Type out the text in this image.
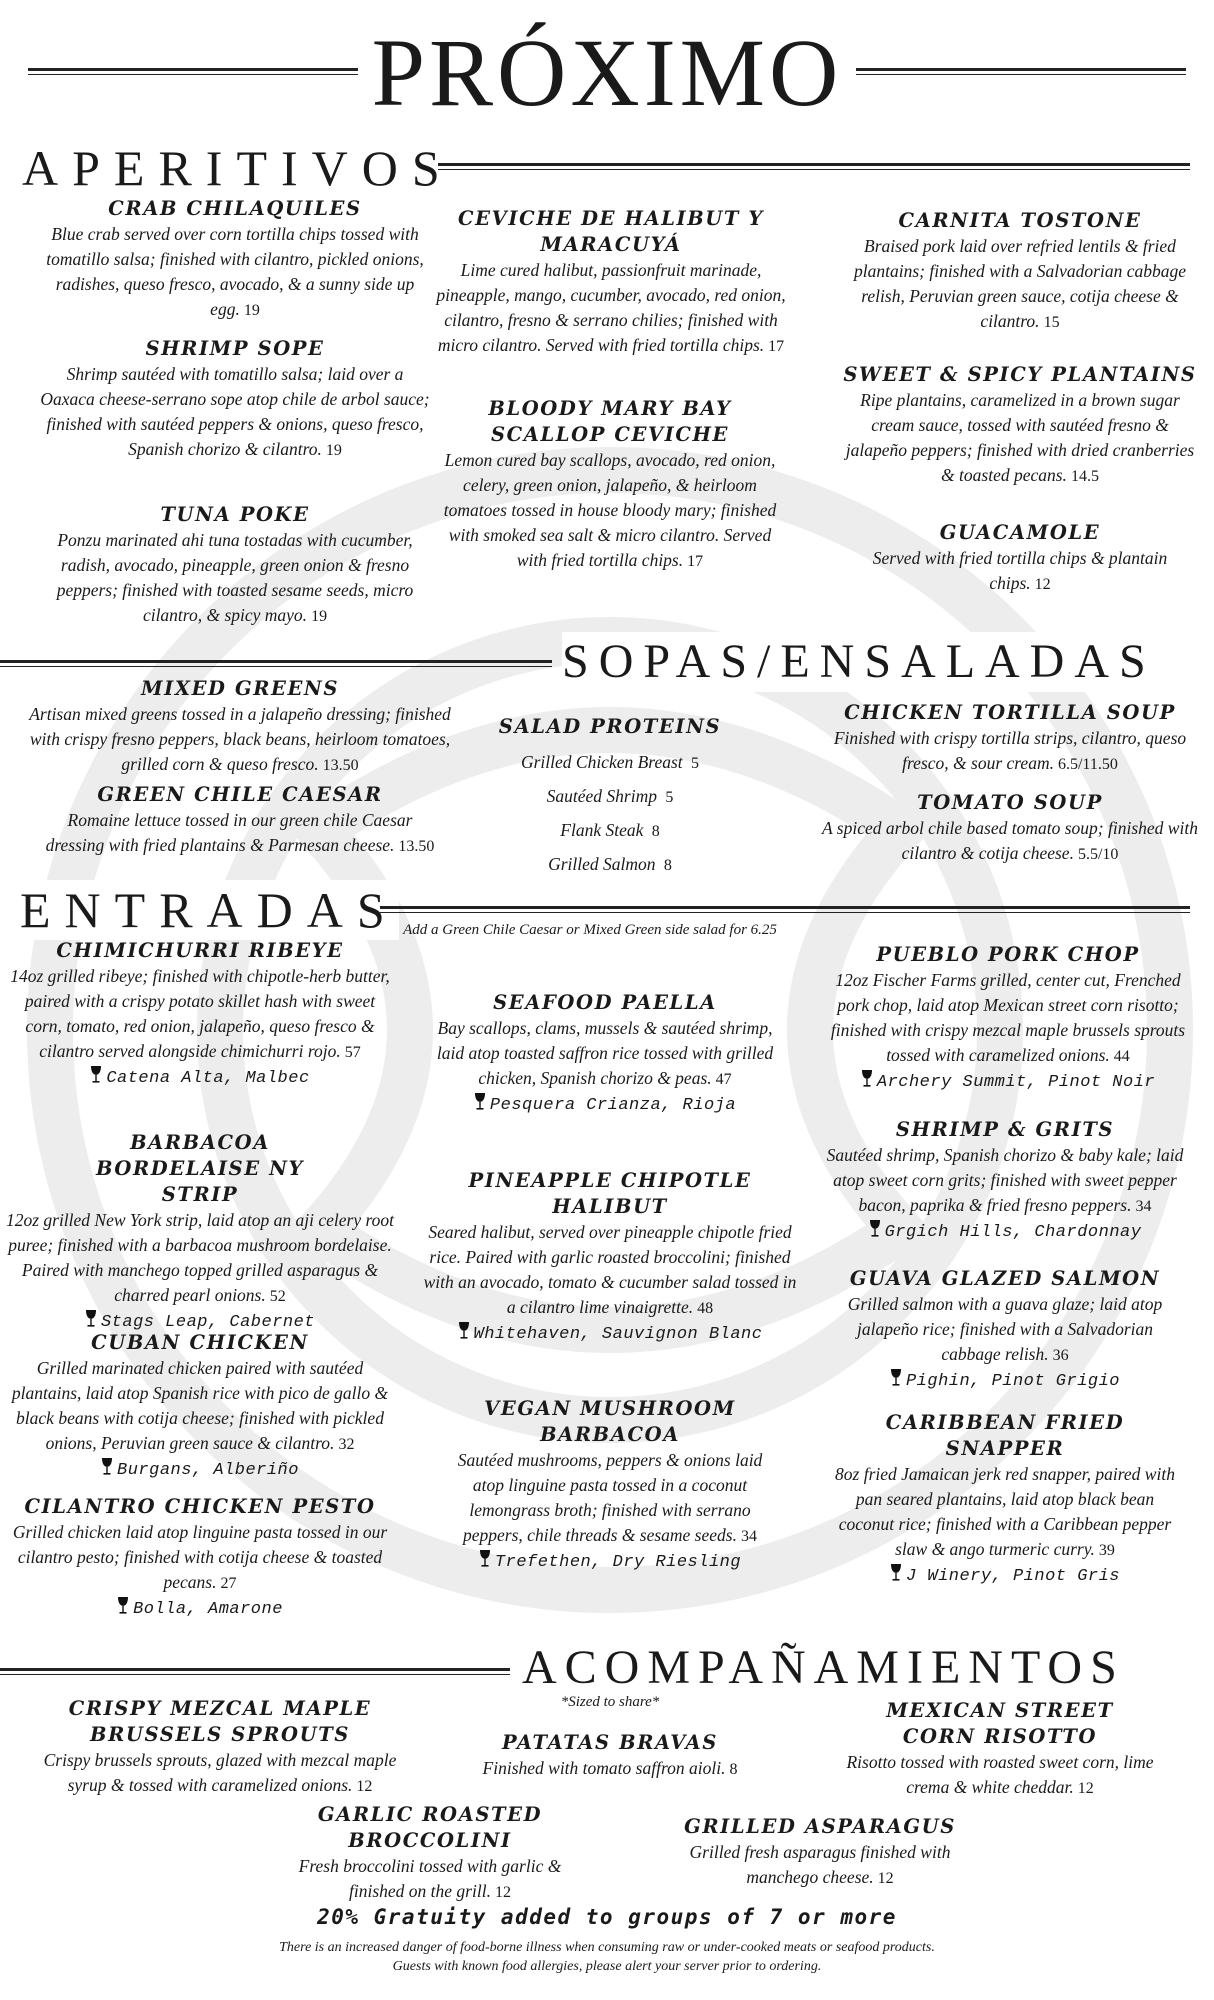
PRÓXIMO
APERITIVOS
CRAB CHILAQUILES
Blue crab served over corn tortilla chips tossed with tomatillo salsa; finished with cilantro, pickled onions, radishes, queso fresco, avocado, & a sunny side up egg. 19
SHRIMP SOPE
Shrimp sautéed with tomatillo salsa; laid over a Oaxaca cheese-serrano sope atop chile de arbol sauce; finished with sautéed peppers & onions, queso fresco, Spanish chorizo & cilantro. 19
TUNA POKE
Ponzu marinated ahi tuna tostadas with cucumber, radish, avocado, pineapple, green onion & fresno peppers; finished with toasted sesame seeds, micro cilantro, & spicy mayo. 19
CEVICHE DE HALIBUT Y MARACUYÁ
Lime cured halibut, passionfruit marinade, pineapple, mango, cucumber, avocado, red onion, cilantro, fresno & serrano chilies; finished with micro cilantro. Served with fried tortilla chips. 17
BLOODY MARY BAY SCALLOP CEVICHE
Lemon cured bay scallops, avocado, red onion, celery, green onion, jalapeño, & heirloom tomatoes tossed in house bloody mary; finished with smoked sea salt & micro cilantro. Served with fried tortilla chips. 17
CARNITA TOSTONE
Braised pork laid over refried lentils & fried plantains; finished with a Salvadorian cabbage relish, Peruvian green sauce, cotija cheese & cilantro. 15
SWEET & SPICY PLANTAINS
Ripe plantains, caramelized in a brown sugar cream sauce, tossed with sautéed fresno & jalapeño peppers; finished with dried cranberries & toasted pecans. 14.5
GUACAMOLE
Served with fried tortilla chips & plantain chips. 12
SOPAS/ENSALADAS
MIXED GREENS
Artisan mixed greens tossed in a jalapeño dressing; finished with crispy fresno peppers, black beans, heirloom tomatoes, grilled corn & queso fresco. 13.50
GREEN CHILE CAESAR
Romaine lettuce tossed in our green chile Caesar dressing with fried plantains & Parmesan cheese. 13.50
SALAD PROTEINS
Grilled Chicken Breast 5
Sautéed Shrimp 5
Flank Steak 8
Grilled Salmon 8
CHICKEN TORTILLA SOUP
Finished with crispy tortilla strips, cilantro, queso fresco, & sour cream. 6.5/11.50
TOMATO SOUP
A spiced arbol chile based tomato soup; finished with cilantro & cotija cheese. 5.5/10
ENTRADAS Add a Green Chile Caesar or Mixed Green side salad for 6.25
CHIMICHURRI RIBEYE
14oz grilled ribeye; finished with chipotle-herb butter, paired with a crispy potato skillet hash with sweet corn, tomato, red onion, jalapeño, queso fresco & cilantro served alongside chimichurri rojo. 57
Catena Alta, Malbec
BARBACOA BORDELAISE NY STRIP
12oz grilled New York strip, laid atop an aji celery root puree; finished with a barbacoa mushroom bordelaise. Paired with manchego topped grilled asparagus & charred pearl onions. 52
Stags Leap, Cabernet
CUBAN CHICKEN
Grilled marinated chicken paired with sautéed plantains, laid atop Spanish rice with pico de gallo & black beans with cotija cheese; finished with pickled onions, Peruvian green sauce & cilantro. 32
Burgans, Alberiño
CILANTRO CHICKEN PESTO
Grilled chicken laid atop linguine pasta tossed in our cilantro pesto; finished with cotija cheese & toasted pecans. 27
Bolla, Amarone
SEAFOOD PAELLA
Bay scallops, clams, mussels & sautéed shrimp, laid atop toasted saffron rice tossed with grilled chicken, Spanish chorizo & peas. 47
Pesquera Crianza, Rioja
PINEAPPLE CHIPOTLE HALIBUT
Seared halibut, served over pineapple chipotle fried rice. Paired with garlic roasted broccolini; finished with an avocado, tomato & cucumber salad tossed in a cilantro lime vinaigrette. 48
Whitehaven, Sauvignon Blanc
VEGAN MUSHROOM BARBACOA
Sautéed mushrooms, peppers & onions laid atop linguine pasta tossed in a coconut lemongrass broth; finished with serrano peppers, chile threads & sesame seeds. 34
Trefethen, Dry Riesling
PUEBLO PORK CHOP
12oz Fischer Farms grilled, center cut, Frenched pork chop, laid atop Mexican street corn risotto; finished with crispy mezcal maple brussels sprouts tossed with caramelized onions. 44
Archery Summit, Pinot Noir
SHRIMP & GRITS
Sautéed shrimp, Spanish chorizo & baby kale; laid atop sweet corn grits; finished with sweet pepper bacon, paprika & fried fresno peppers. 34
Grgich Hills, Chardonnay
GUAVA GLAZED SALMON
Grilled salmon with a guava glaze; laid atop jalapeño rice; finished with a Salvadorian cabbage relish. 36
Pighin, Pinot Grigio
CARIBBEAN FRIED SNAPPER
8oz fried Jamaican jerk red snapper, paired with pan seared plantains, laid atop black bean coconut rice; finished with a Caribbean pepper slaw & ango turmeric curry. 39
J Winery, Pinot Gris
ACOMPAÑAMIENTOS
*Sized to share*
CRISPY MEZCAL MAPLE BRUSSELS SPROUTS
Crispy brussels sprouts, glazed with mezcal maple syrup & tossed with caramelized onions. 12
PATATAS BRAVAS
Finished with tomato saffron aioli. 8
MEXICAN STREET CORN RISOTTO
Risotto tossed with roasted sweet corn, lime crema & white cheddar. 12
GARLIC ROASTED BROCCOLINI
Fresh broccolini tossed with garlic & finished on the grill. 12
GRILLED ASPARAGUS
Grilled fresh asparagus finished with manchego cheese. 12
20% Gratuity added to groups of 7 or more
There is an increased danger of food-borne illness when consuming raw or under-cooked meats or seafood products.
Guests with known food allergies, please alert your server prior to ordering.
